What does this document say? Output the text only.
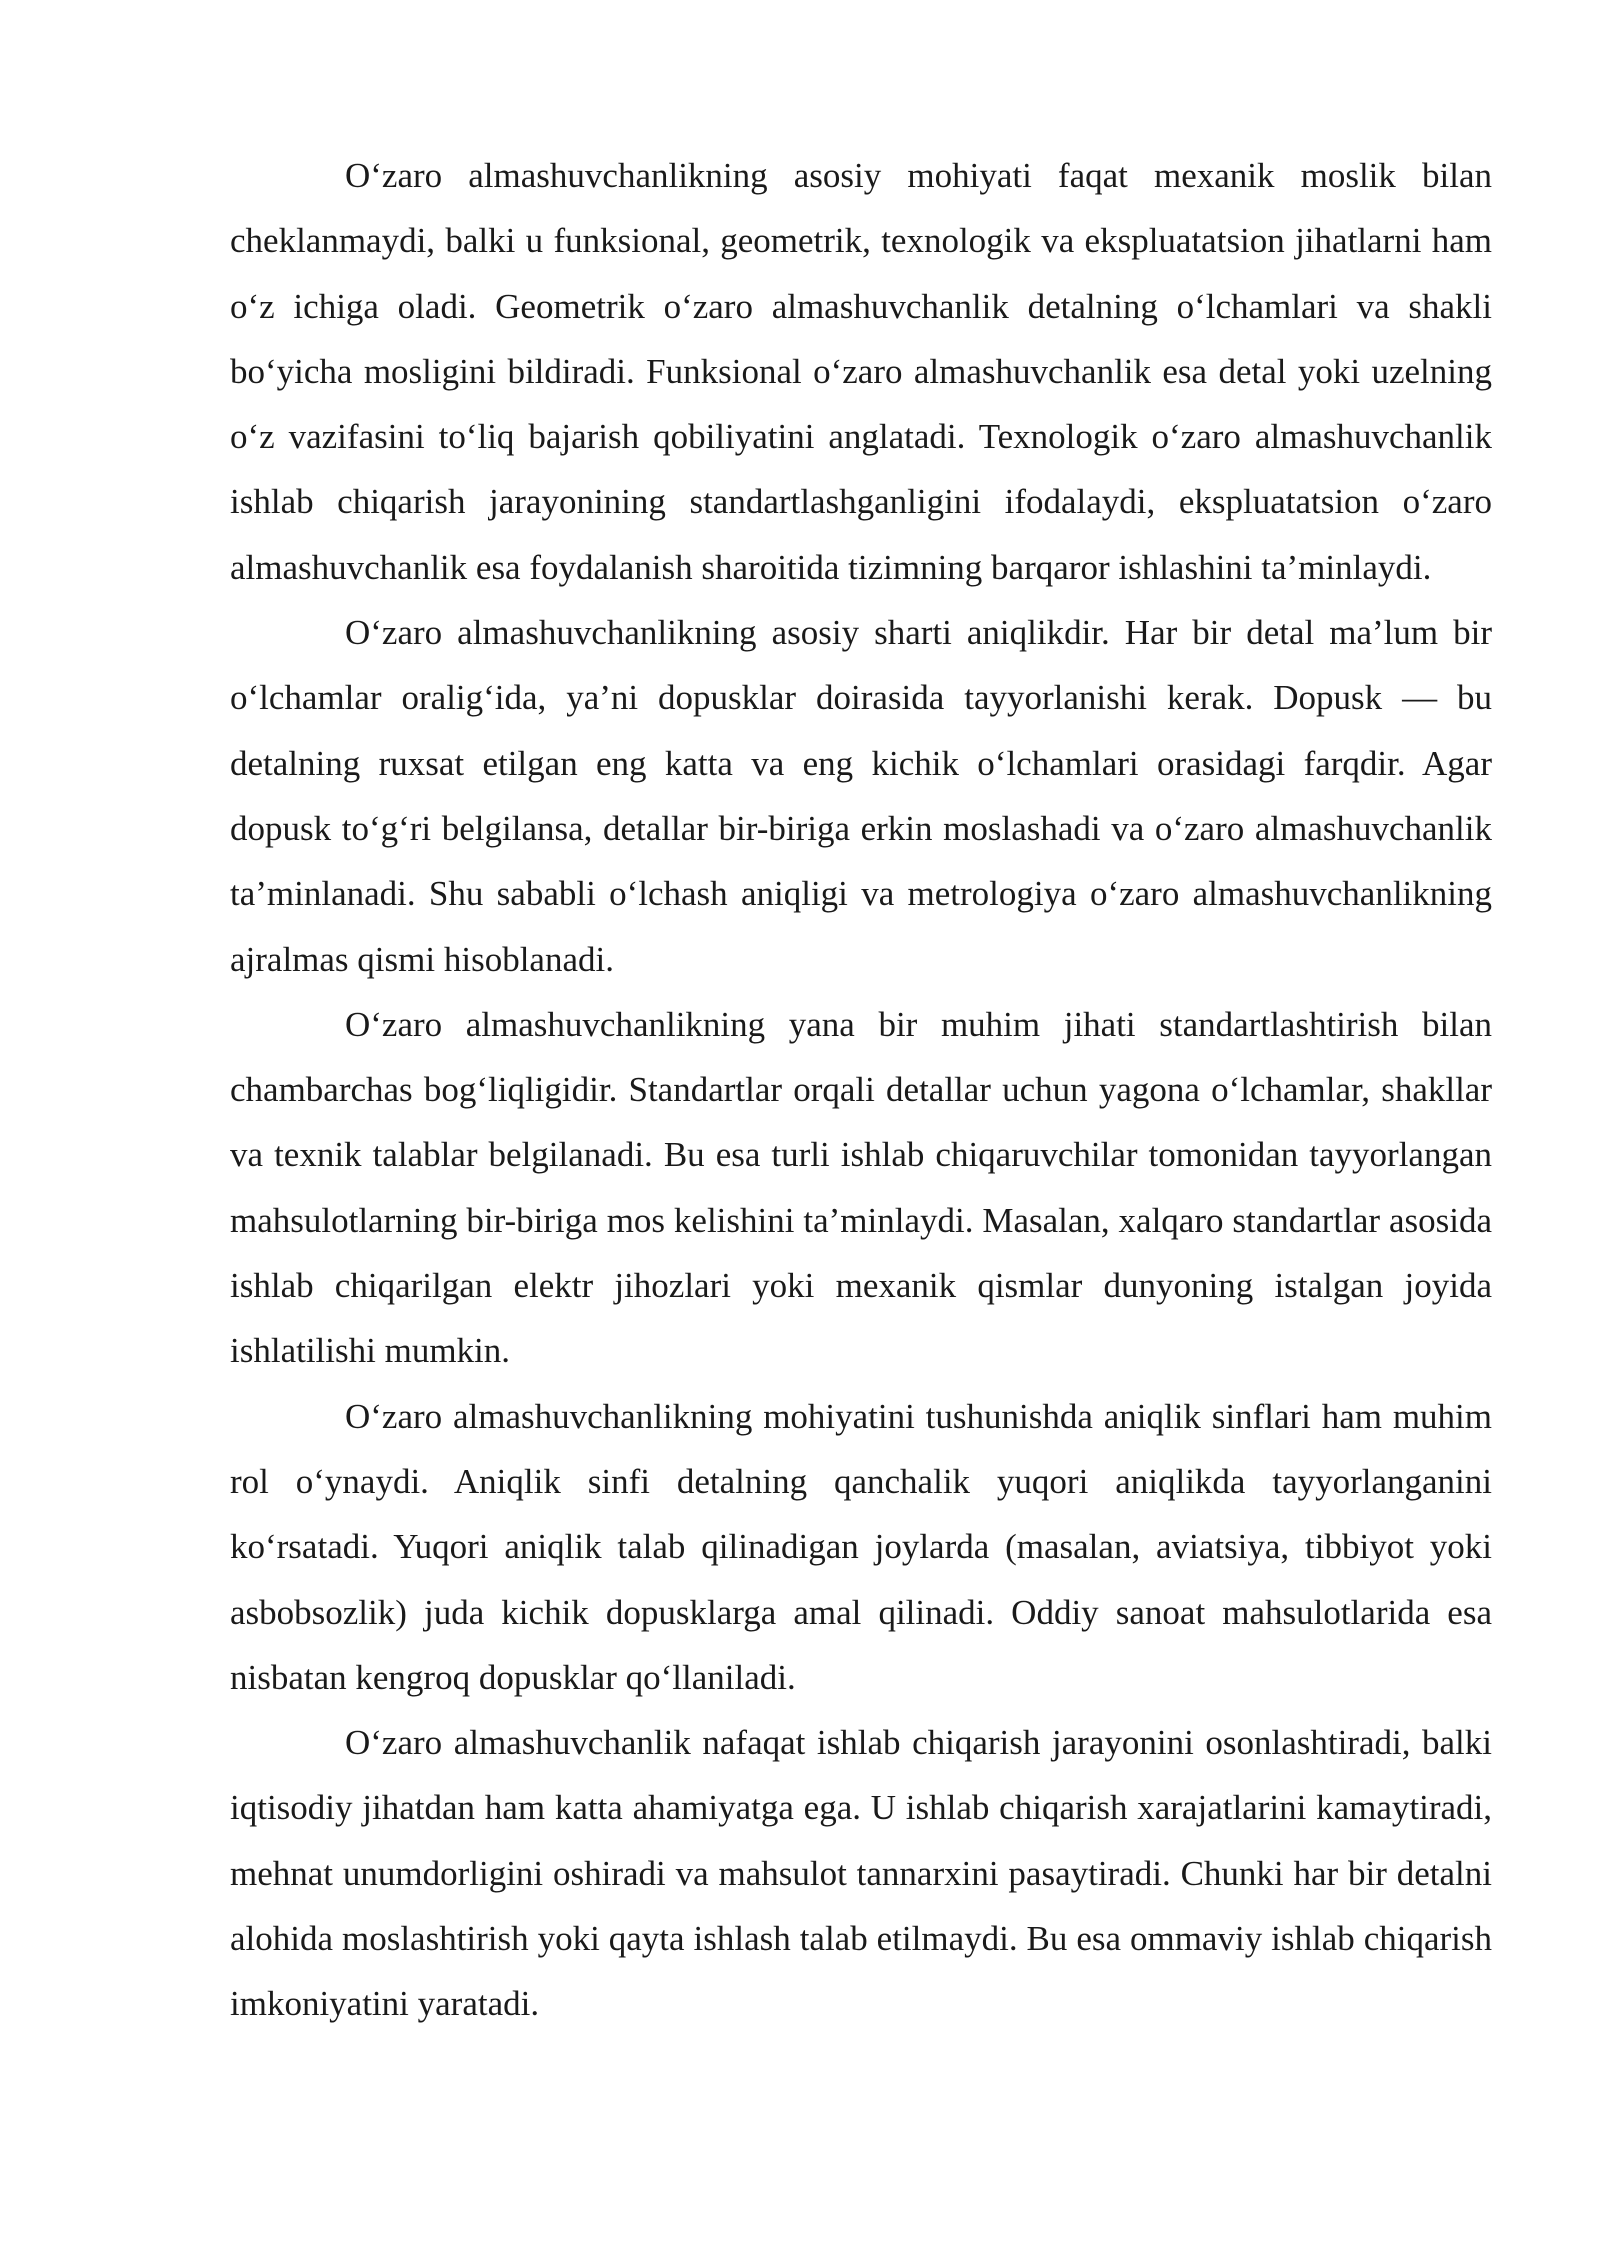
O‘zaro almashuvchanlikning asosiy mohiyati faqat mexanik moslik bilan cheklanmaydi, balki u funksional, geometrik, texnologik va ekspluatatsion jihatlarni ham o‘z ichiga oladi. Geometrik o‘zaro almashuvchanlik detalning o‘lchamlari va shakli bo‘yicha mosligini bildiradi. Funksional o‘zaro almashuvchanlik esa detal yoki uzelning o‘z vazifasini to‘liq bajarish qobiliyatini anglatadi. Texnologik o‘zaro almashuvchanlik ishlab chiqarish jarayonining standartlashganligini ifodalaydi, ekspluatatsion o‘zaro almashuvchanlik esa foydalanish sharoitida tizimning barqaror ishlashini ta’minlaydi.

O‘zaro almashuvchanlikning asosiy sharti aniqlikdir. Har bir detal ma’lum bir o‘lchamlar oralig‘ida, ya’ni dopusklar doirasida tayyorlanishi kerak. Dopusk — bu detalning ruxsat etilgan eng katta va eng kichik o‘lchamlari orasidagi farqdir. Agar dopusk to‘g‘ri belgilansa, detallar bir-biriga erkin moslashadi va o‘zaro almashuvchanlik ta’minlanadi. Shu sababli o‘lchash aniqligi va metrologiya o‘zaro almashuvchanlikning ajralmas qismi hisoblanadi.

O‘zaro almashuvchanlikning yana bir muhim jihati standartlashtirish bilan chambarchas bog‘liqligidir. Standartlar orqali detallar uchun yagona o‘lchamlar, shakllar va texnik talablar belgilanadi. Bu esa turli ishlab chiqaruvchilar tomonidan tayyorlangan mahsulotlarning bir-biriga mos kelishini ta’minlaydi. Masalan, xalqaro standartlar asosida ishlab chiqarilgan elektr jihozlari yoki mexanik qismlar dunyoning istalgan joyida ishlatilishi mumkin.

O‘zaro almashuvchanlikning mohiyatini tushunishda aniqlik sinflari ham muhim rol o‘ynaydi. Aniqlik sinfi detalning qanchalik yuqori aniqlikda tayyorlanganini ko‘rsatadi. Yuqori aniqlik talab qilinadigan joylarda (masalan, aviatsiya, tibbiyot yoki asbobsozlik) juda kichik dopusklarga amal qilinadi. Oddiy sanoat mahsulotlarida esa nisbatan kengroq dopusklar qo‘llaniladi.

O‘zaro almashuvchanlik nafaqat ishlab chiqarish jarayonini osonlashtiradi, balki iqtisodiy jihatdan ham katta ahamiyatga ega. U ishlab chiqarish xarajatlarini kamaytiradi, mehnat unumdorligini oshiradi va mahsulot tannarxini pasaytiradi. Chunki har bir detalni alohida moslashtirish yoki qayta ishlash talab etilmaydi. Bu esa ommaviy ishlab chiqarish imkoniyatini yaratadi.
